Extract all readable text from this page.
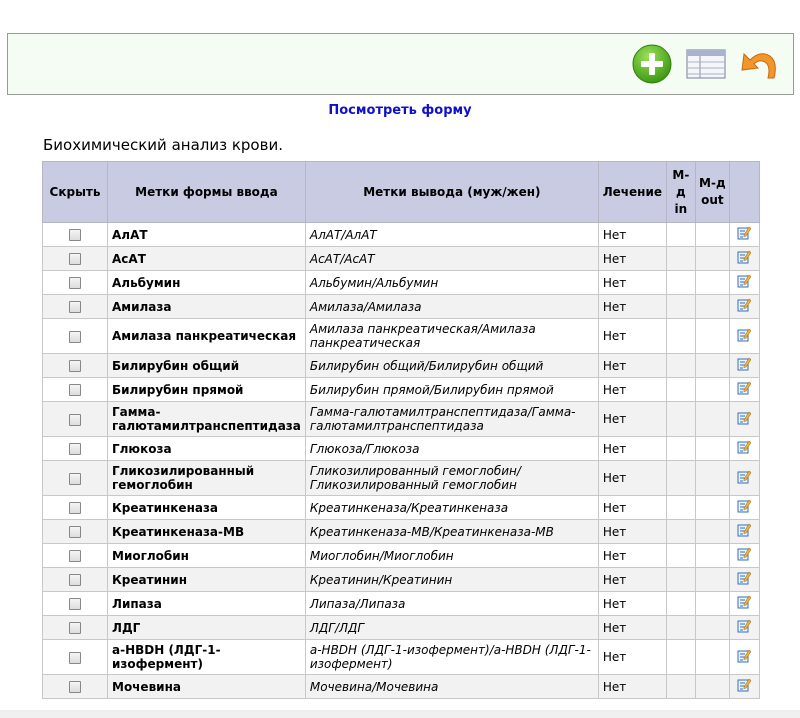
Посмотреть форму
Биохимический анализ крови.
Скрыть	Метки формы ввода	Метки вывода (муж/жен)	Лечение	М-д in	М-д out	
	АлАТ	АлАТ/АлАТ	Нет			
	АсАТ	АсАТ/АсАТ	Нет			
	Альбумин	Альбумин/Альбумин	Нет			
	Амилаза	Амилаза/Амилаза	Нет			
	Амилаза панкреатическая	Амилаза панкреатическая/Амилаза панкреатическая	Нет			
	Билирубин общий	Билирубин общий/Билирубин общий	Нет			
	Билирубин прямой	Билирубин прямой/Билирубин прямой	Нет			
	Гамма-галютамилтранспептидаза	Гамма-галютамилтранспептидаза/Гамма-галютамилтранспептидаза	Нет			
	Глюкоза	Глюкоза/Глюкоза	Нет			
	Гликозилированный гемоглобин	Гликозилированный гемоглобин/ Гликозилированный гемоглобин	Нет			
	Креатинкеназа	Креатинкеназа/Креатинкеназа	Нет			
	Креатинкеназа-МВ	Креатинкеназа-МВ/Креатинкеназа-МВ	Нет			
	Миоглобин	Миоглобин/Миоглобин	Нет			
	Креатинин	Креатинин/Креатинин	Нет			
	Липаза	Липаза/Липаза	Нет			
	ЛДГ	ЛДГ/ЛДГ	Нет			
	a-HBDH (ЛДГ-1-изофермент)	a-HBDH (ЛДГ-1-изофермент)/a-HBDH (ЛДГ-1-изофермент)	Нет			
	Мочевина	Мочевина/Мочевина	Нет			
